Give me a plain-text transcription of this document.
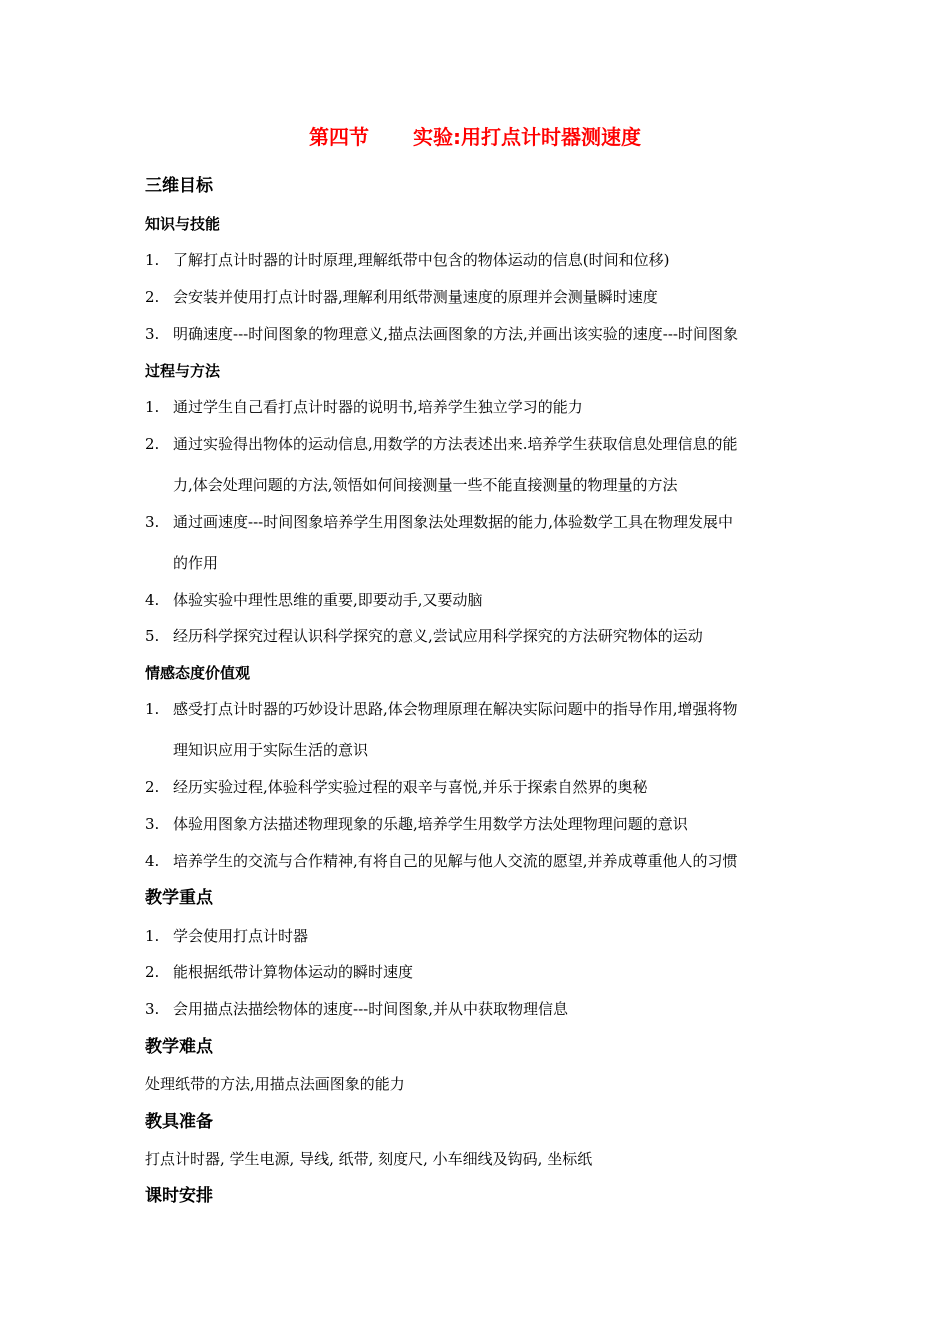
第四节 实验:用打点计时器测速度
三维目标
知识与技能
1. 了解打点计时器的计时原理,理解纸带中包含的物体运动的信息(时间和位移)
2. 会安装并使用打点计时器,理解利用纸带测量速度的原理并会测量瞬时速度
3. 明确速度---时间图象的物理意义,描点法画图象的方法,并画出该实验的速度---时间图象
过程与方法
1. 通过学生自己看打点计时器的说明书,培养学生独立学习的能力
2. 通过实验得出物体的运动信息,用数学的方法表述出来.培养学生获取信息处理信息的能
力,体会处理问题的方法,领悟如何间接测量一些不能直接测量的物理量的方法
3. 通过画速度---时间图象培养学生用图象法处理数据的能力,体验数学工具在物理发展中
的作用
4. 体验实验中理性思维的重要,即要动手,又要动脑
5. 经历科学探究过程认识科学探究的意义,尝试应用科学探究的方法研究物体的运动
情感态度价值观
1. 感受打点计时器的巧妙设计思路,体会物理原理在解决实际问题中的指导作用,增强将物
理知识应用于实际生活的意识
2. 经历实验过程,体验科学实验过程的艰辛与喜悦,并乐于探索自然界的奥秘
3. 体验用图象方法描述物理现象的乐趣,培养学生用数学方法处理物理问题的意识
4. 培养学生的交流与合作精神,有将自己的见解与他人交流的愿望,并养成尊重他人的习惯
教学重点
1. 学会使用打点计时器
2. 能根据纸带计算物体运动的瞬时速度
3. 会用描点法描绘物体的速度---时间图象,并从中获取物理信息
教学难点
处理纸带的方法,用描点法画图象的能力
教具准备
打点计时器, 学生电源, 导线, 纸带, 刻度尺, 小车细线及钩码, 坐标纸
课时安排
